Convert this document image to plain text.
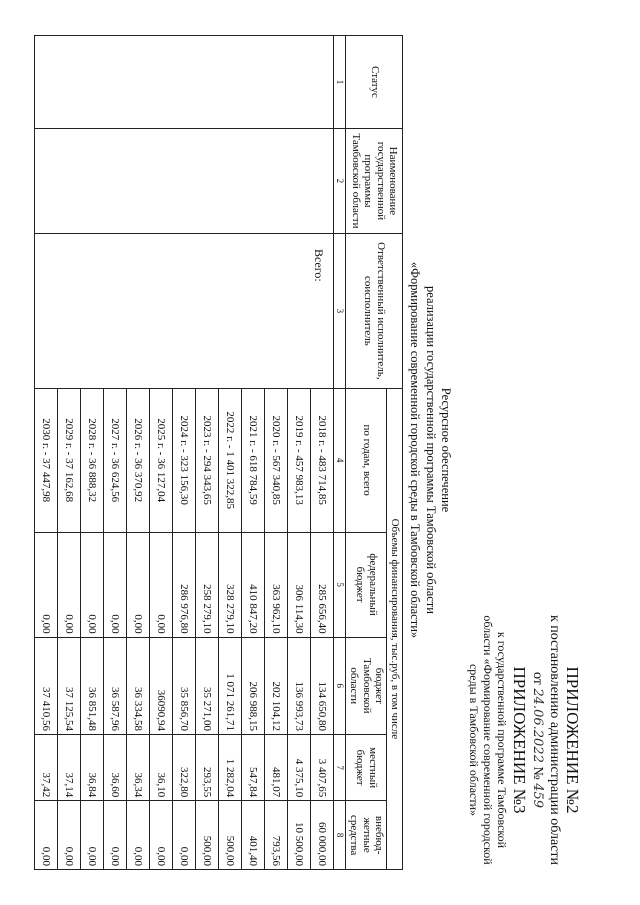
ПРИЛОЖЕНИЕ №2
к постановлению администрации области
от 24.06.2022 № 459
ПРИЛОЖЕНИЕ №3
к государственной программе Тамбовской
области «Формирование современной городской
среды в Тамбовской области»
Ресурсное обеспечение
реализации государственной программы Тамбовской области
«Формирование современной городской среды в Тамбовской области»
Статус	Наименование государственной программы Тамбовской области	Ответственный исполнитель, соисполнитель	Объемы финансирования, тыс.руб, в том числе				
			по годам, всего	федеральный бюджет	бюджет Тамбовской области	местный бюджет	внебюд-жетные средства
1	2	3	4	5	6	7	8
		Всего:	2018 г. - 483 714,85	285 656,40	134 650,80	3 407,65	60 000,00
			2019 г. - 457 983,13	306 114,30	136 993,73	4 375,10	10 500,00
			2020 г. - 567 340,85	363 962,10	202 104,12	481,07	793,56
			2021 г. - 618 784,59	410 847,20	206 988,15	547,84	401,40
			2022 г. - 1 401 322,85	328 279,10	1 071 261,71	1 282,04	500,00
			2023 г. - 294 343,65	258 279,10	35 271,00	293,55	500,00
			2024 г. - 323 156,30	286 976,80	35 856,70	322,80	0,00
			2025 г. - 36 127,04	0,00	36090,94	36,10	0,00
			2026 г. - 36 370,92	0,00	36 334,58	36,34	0,00
			2027 г. - 36 624,56	0,00	36 587,96	36,60	0,00
			2028 г. - 36 888,32	0,00	36 851,48	36,84	0,00
			2029 г. - 37 162,68	0,00	37 125,54	37,14	0,00
			2030 г. - 37 447,98	0,00	37 410,56	37,42	0,00
